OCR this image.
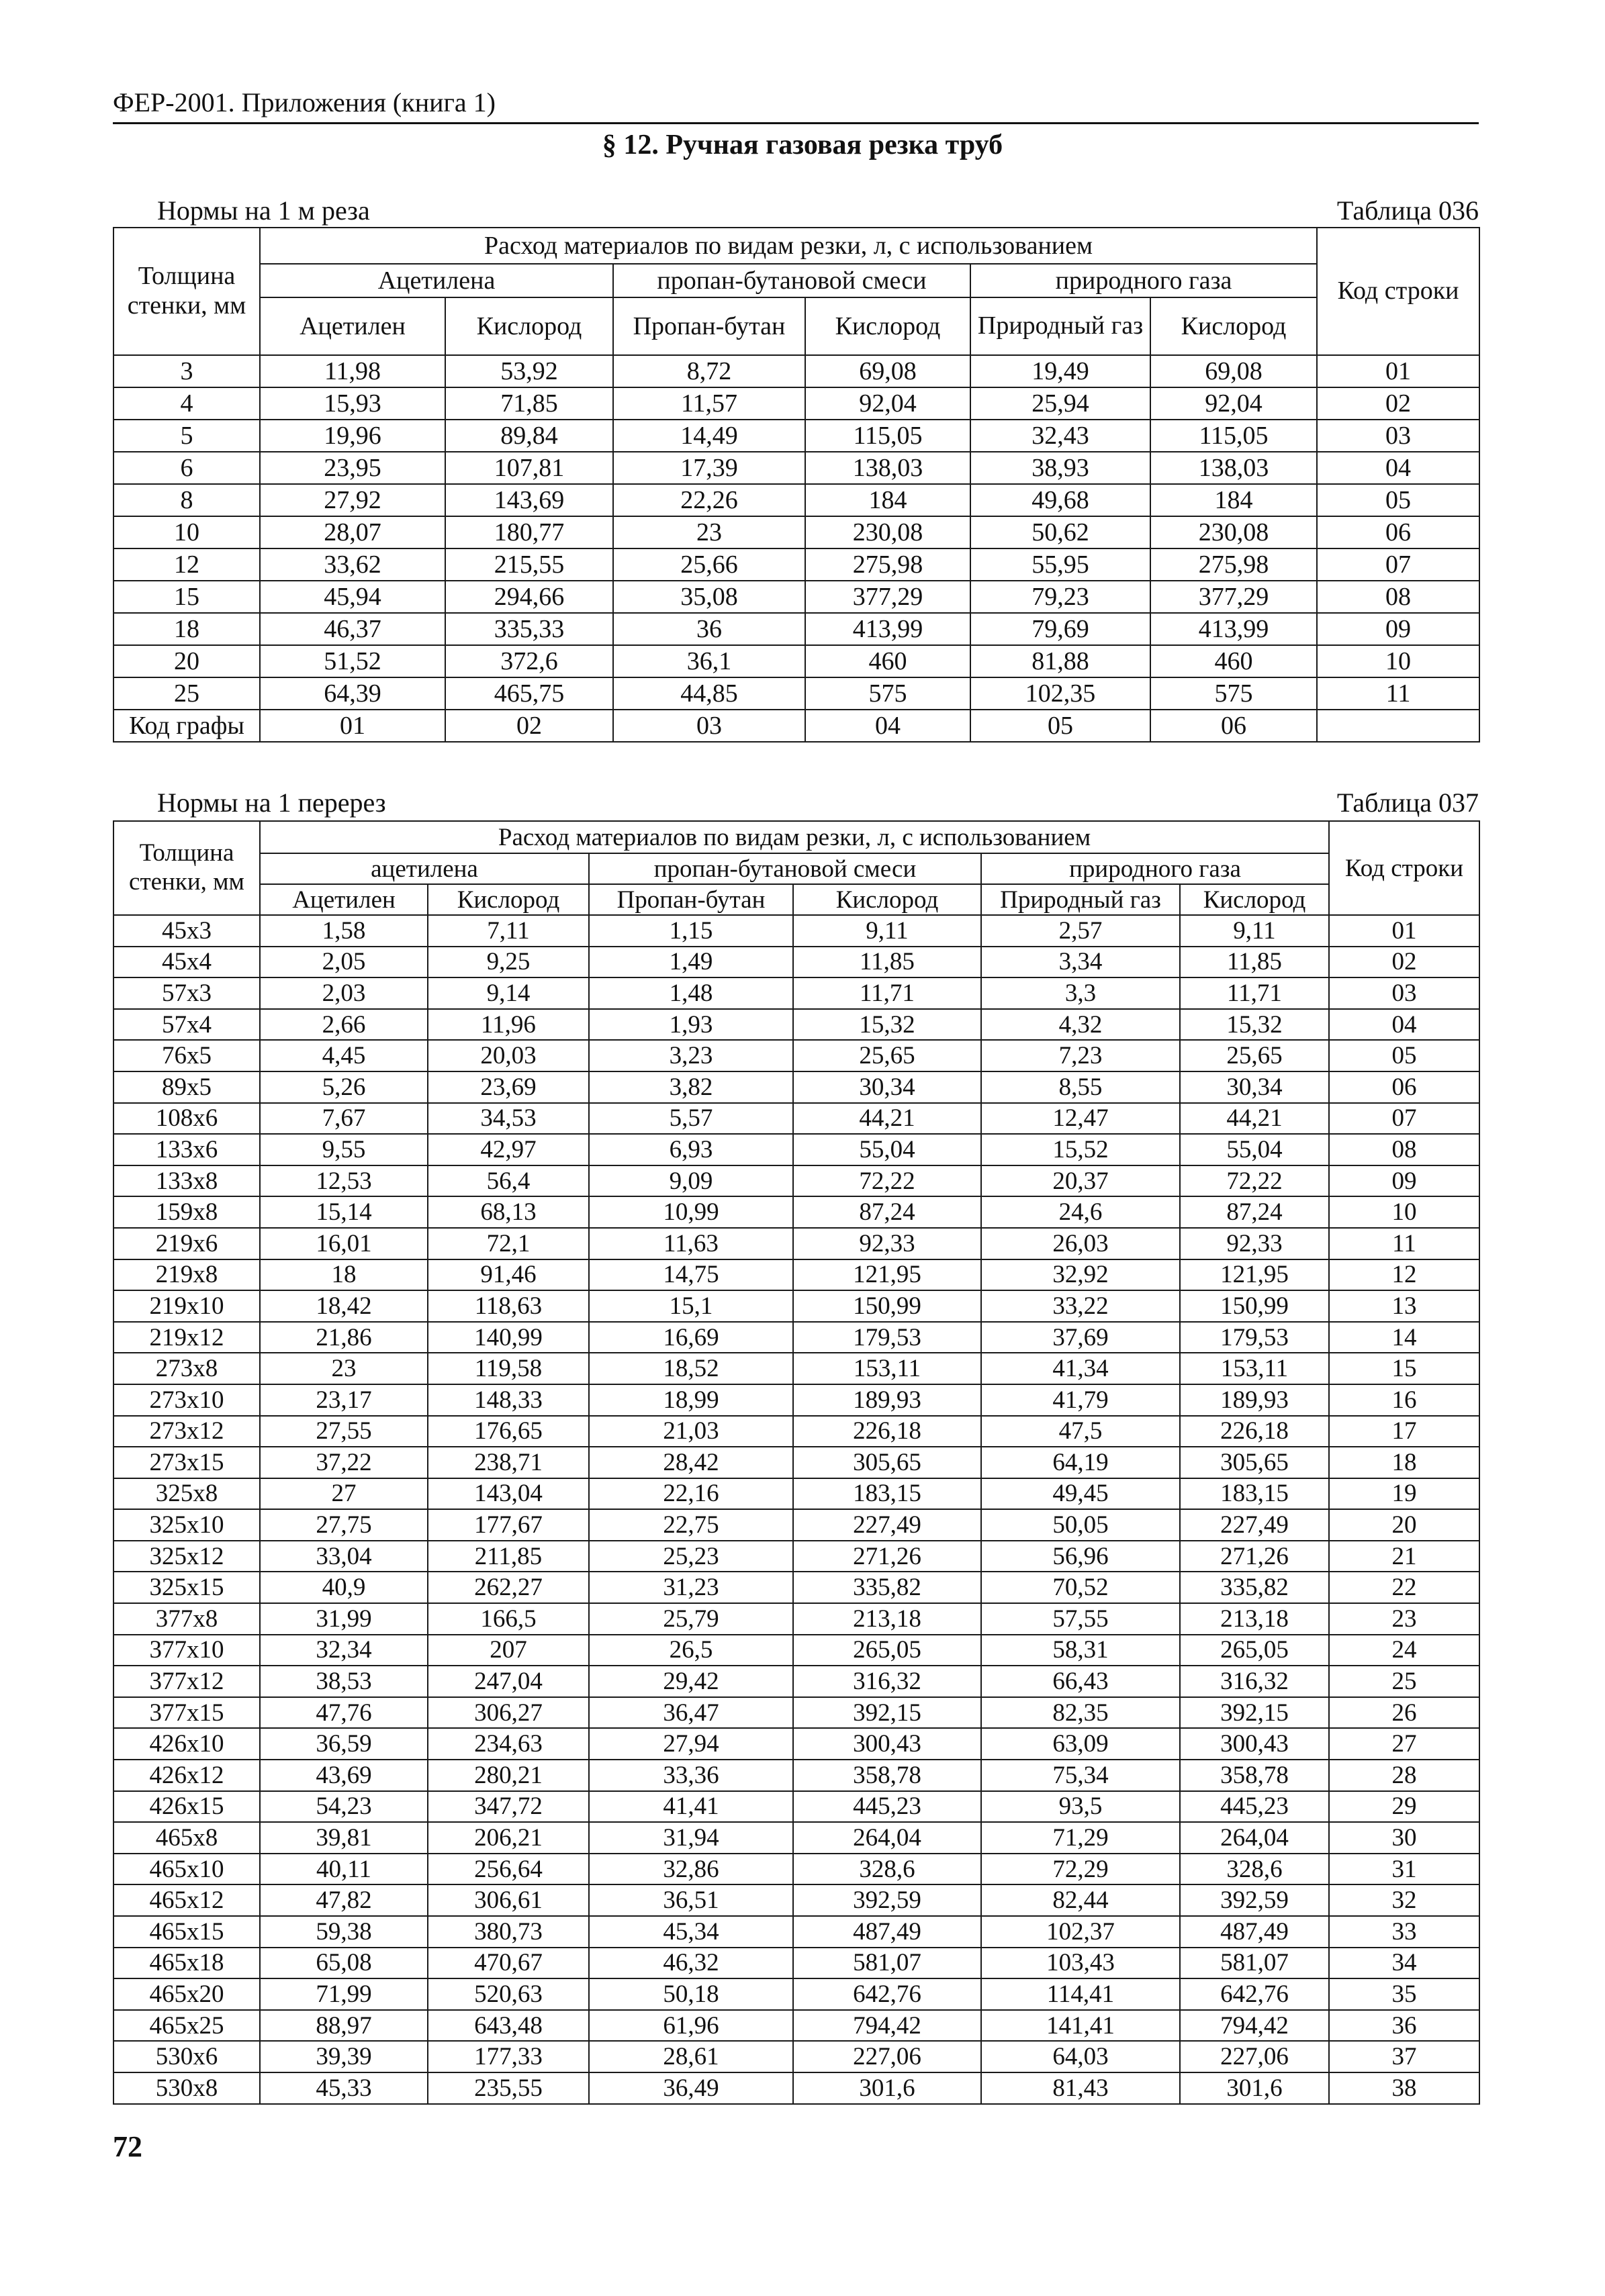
ФЕР-2001. Приложения (книга 1)
§ 12. Ручная газовая резка труб
Нормы на 1 м реза	Таблица 036
Толщина стенки, мм	Расход материалов по видам резки, л, с использованием						Код строки
	Ацетилена		пропан-бутановой смеси		природного газа		
	Ацетилен	Кислород	Пропан-бутан	Кислород	Природный газ	Кислород	
3	11,98	53,92	8,72	69,08	19,49	69,08	01
4	15,93	71,85	11,57	92,04	25,94	92,04	02
5	19,96	89,84	14,49	115,05	32,43	115,05	03
6	23,95	107,81	17,39	138,03	38,93	138,03	04
8	27,92	143,69	22,26	184	49,68	184	05
10	28,07	180,77	23	230,08	50,62	230,08	06
12	33,62	215,55	25,66	275,98	55,95	275,98	07
15	45,94	294,66	35,08	377,29	79,23	377,29	08
18	46,37	335,33	36	413,99	79,69	413,99	09
20	51,52	372,6	36,1	460	81,88	460	10
25	64,39	465,75	44,85	575	102,35	575	11
Код графы	01	02	03	04	05	06	
Нормы на 1 перерез	Таблица 037
Толщина стенки, мм	Расход материалов по видам резки, л, с использованием						Код строки
	ацетилена		пропан-бутановой смеси		природного газа		
	Ацетилен	Кислород	Пропан-бутан	Кислород	Природный газ	Кислород	
45х3	1,58	7,11	1,15	9,11	2,57	9,11	01
45х4	2,05	9,25	1,49	11,85	3,34	11,85	02
57х3	2,03	9,14	1,48	11,71	3,3	11,71	03
57х4	2,66	11,96	1,93	15,32	4,32	15,32	04
76х5	4,45	20,03	3,23	25,65	7,23	25,65	05
89х5	5,26	23,69	3,82	30,34	8,55	30,34	06
108х6	7,67	34,53	5,57	44,21	12,47	44,21	07
133х6	9,55	42,97	6,93	55,04	15,52	55,04	08
133х8	12,53	56,4	9,09	72,22	20,37	72,22	09
159х8	15,14	68,13	10,99	87,24	24,6	87,24	10
219х6	16,01	72,1	11,63	92,33	26,03	92,33	11
219х8	18	91,46	14,75	121,95	32,92	121,95	12
219х10	18,42	118,63	15,1	150,99	33,22	150,99	13
219х12	21,86	140,99	16,69	179,53	37,69	179,53	14
273х8	23	119,58	18,52	153,11	41,34	153,11	15
273х10	23,17	148,33	18,99	189,93	41,79	189,93	16
273х12	27,55	176,65	21,03	226,18	47,5	226,18	17
273х15	37,22	238,71	28,42	305,65	64,19	305,65	18
325х8	27	143,04	22,16	183,15	49,45	183,15	19
325х10	27,75	177,67	22,75	227,49	50,05	227,49	20
325х12	33,04	211,85	25,23	271,26	56,96	271,26	21
325х15	40,9	262,27	31,23	335,82	70,52	335,82	22
377х8	31,99	166,5	25,79	213,18	57,55	213,18	23
377х10	32,34	207	26,5	265,05	58,31	265,05	24
377х12	38,53	247,04	29,42	316,32	66,43	316,32	25
377х15	47,76	306,27	36,47	392,15	82,35	392,15	26
426х10	36,59	234,63	27,94	300,43	63,09	300,43	27
426х12	43,69	280,21	33,36	358,78	75,34	358,78	28
426х15	54,23	347,72	41,41	445,23	93,5	445,23	29
465х8	39,81	206,21	31,94	264,04	71,29	264,04	30
465х10	40,11	256,64	32,86	328,6	72,29	328,6	31
465х12	47,82	306,61	36,51	392,59	82,44	392,59	32
465х15	59,38	380,73	45,34	487,49	102,37	487,49	33
465х18	65,08	470,67	46,32	581,07	103,43	581,07	34
465х20	71,99	520,63	50,18	642,76	114,41	642,76	35
465х25	88,97	643,48	61,96	794,42	141,41	794,42	36
530х6	39,39	177,33	28,61	227,06	64,03	227,06	37
530х8	45,33	235,55	36,49	301,6	81,43	301,6	38
72
